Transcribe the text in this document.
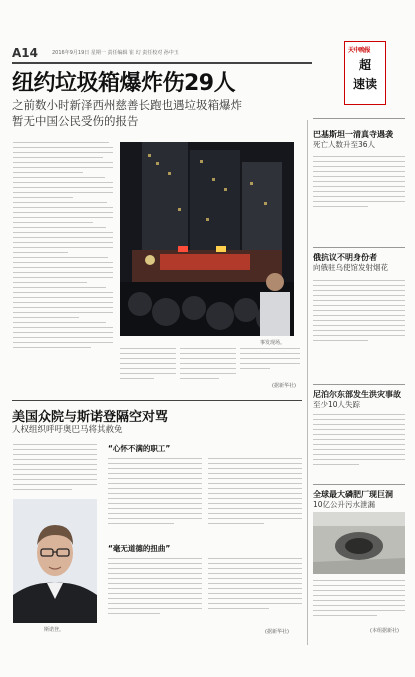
A14	2016年9月19日 星期一 责任编辑 崔 幻 责任校对 孙中玉	天中晚报
超
速读
纽约垃圾箱爆炸伤29人
之前数小时新泽西州慈善长跑也遇垃圾箱爆炸
暂无中国公民受伤的报告
事发现场。
(据新华社)
巴基斯坦一清真寺遇袭
死亡人数升至36人
俄抗议不明身份者
向俄驻乌使馆发射烟花
尼泊尔东部发生洪灾事故
至少10人失踪
全球最大磷肥厂现巨洞
10亿公升污水泄漏
(本组据新社)
美国众院与斯诺登隔空对骂
人权组织呼吁奥巴马将其赦免
斯诺登。
“心怀不满的职工”
“毫无道德的扭曲”
(据新华社)
